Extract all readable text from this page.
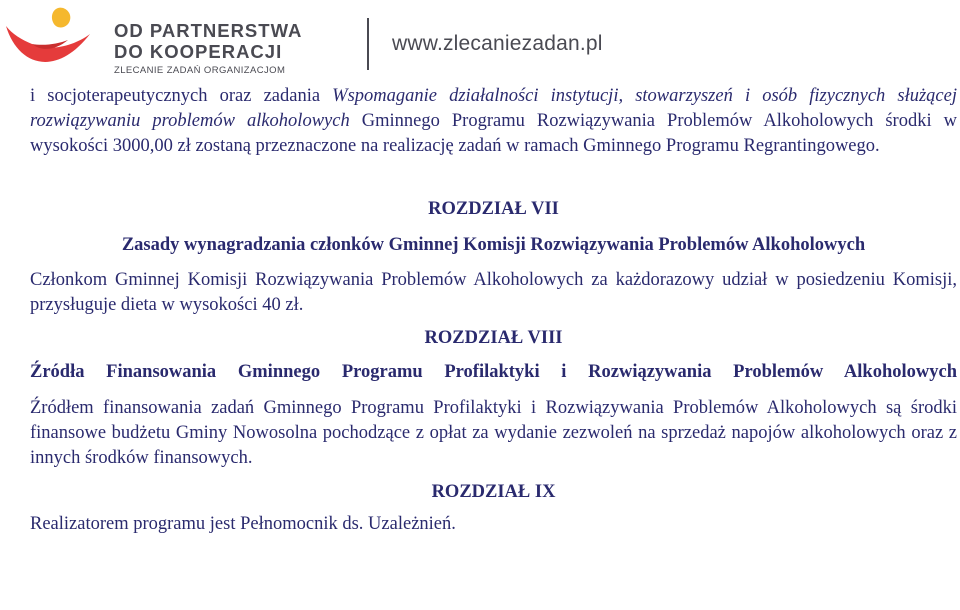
OD PARTNERSTWA
DO KOOPERACJI
ZLECANIE ZADAŃ ORGANIZACJOM
www.zlecaniezadan.pl

i socjoterapeutycznych oraz zadania Wspomaganie działalności instytucji, stowarzyszeń i osób fizycznych służącej rozwiązywaniu problemów alkoholowych Gminnego Programu Rozwiązywania Problemów Alkoholowych środki w wysokości 3000,00 zł zostaną przeznaczone na realizację zadań w ramach Gminnego Programu Regrantingowego.

ROZDZIAŁ VII

Zasady wynagradzania członków Gminnej Komisji Rozwiązywania Problemów Alkoholowych

Członkom Gminnej Komisji Rozwiązywania Problemów Alkoholowych za każdorazowy udział w posiedzeniu Komisji, przysługuje dieta w wysokości 40 zł.

ROZDZIAŁ VIII

Źródła Finansowania Gminnego Programu Profilaktyki i Rozwiązywania Problemów Alkoholowych

Źródłem finansowania zadań Gminnego Programu Profilaktyki i Rozwiązywania Problemów Alkoholowych są środki finansowe budżetu Gminy Nowosolna pochodzące z opłat za wydanie zezwoleń na sprzedaż napojów alkoholowych oraz z innych środków finansowych.

ROZDZIAŁ IX

Realizatorem programu jest Pełnomocnik ds. Uzależnień.
